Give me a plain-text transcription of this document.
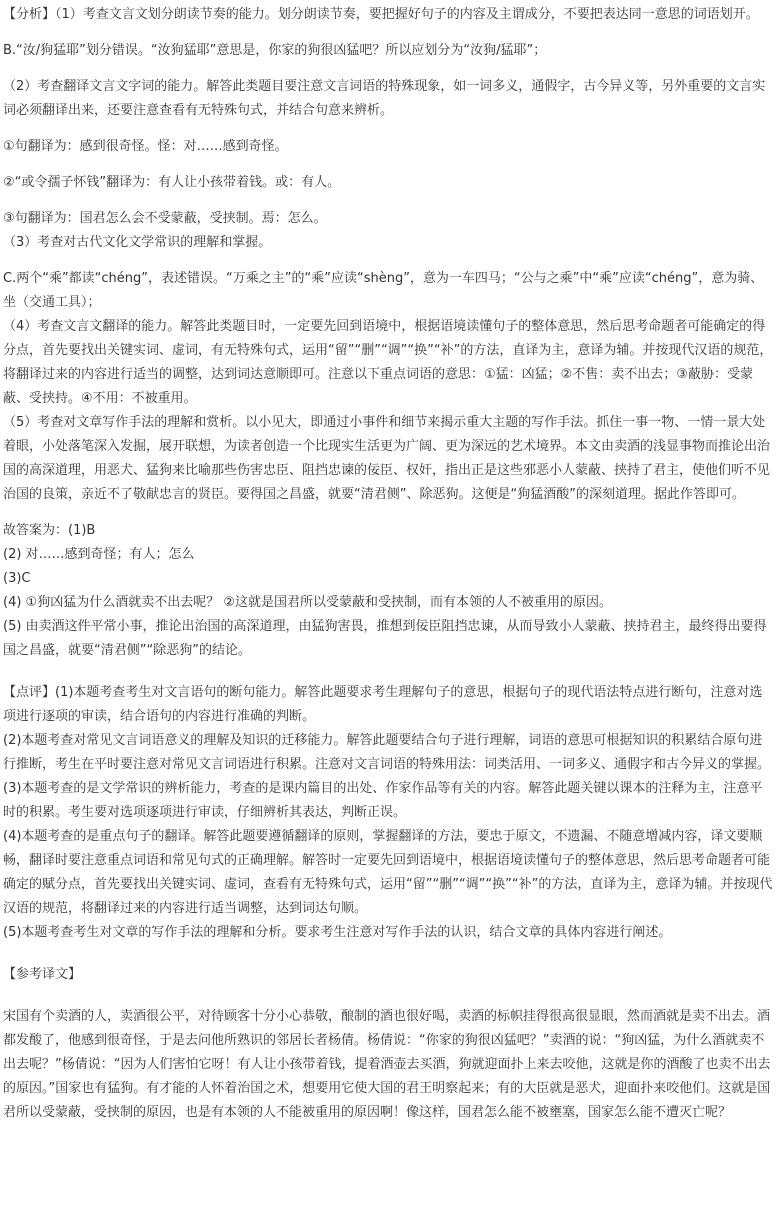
【分析】（1）考查文言文划分朗读节奏的能力。划分朗读节奏，要把握好句子的内容及主谓成分，不要把表达同一意思的词语划开。

B.“汝/狗猛耶”划分错误。“汝狗猛耶”意思是，你家的狗很凶猛吧？所以应划分为“汝狗/猛耶”；

（2）考查翻译文言文字词的能力。解答此类题目要注意文言词语的特殊现象，如一词多义，通假字，古今异义等，另外重要的文言实词必须翻译出来，还要注意查看有无特殊句式，并结合句意来辨析。

①句翻译为：感到很奇怪。怪：对……感到奇怪。

②“或令孺子怀钱”翻译为：有人让小孩带着钱。或：有人。

③句翻译为：国君怎么会不受蒙蔽，受挟制。焉：怎么。

（3）考查对古代文化文学常识的理解和掌握。

C.两个“乘”都读“chéng”，表述错误。“万乘之主”的“乘”应读“shèng”，意为一车四马；“公与之乘”中“乘”应读“chéng”，意为骑、坐（交通工具）；

（4）考查文言文翻译的能力。解答此类题目时，一定要先回到语境中，根据语境读懂句子的整体意思，然后思考命题者可能确定的得分点，首先要找出关键实词、虚词，有无特殊句式，运用“留”“删”“调”“换”“补”的方法，直译为主，意译为辅。并按现代汉语的规范，将翻译过来的内容进行适当的调整，达到词达意顺即可。注意以下重点词语的意思：①猛：凶猛；②不售：卖不出去；③蔽胁：受蒙蔽、受挟持。④不用：不被重用。

（5）考查对文章写作手法的理解和赏析。以小见大，即通过小事件和细节来揭示重大主题的写作手法。抓住一事一物、一情一景大处着眼，小处落笔深入发掘，展开联想，为读者创造一个比现实生活更为广阔、更为深远的艺术境界。本文由卖酒的浅显事物而推论出治国的高深道理，用恶犬、猛狗来比喻那些伤害忠臣、阻挡忠谏的佞臣、权奸，指出正是这些邪恶小人蒙蔽、挟持了君主，使他们听不见治国的良策，亲近不了敬献忠言的贤臣。要得国之昌盛，就要“清君侧”、除恶狗。这便是“狗猛酒酸”的深刻道理。据此作答即可。

故答案为：(1)B

(2) 对……感到奇怪；有人；怎么

(3)C

(4) ①狗凶猛为什么酒就卖不出去呢？ ②这就是国君所以受蒙蔽和受挟制，而有本领的人不被重用的原因。

(5) 由卖酒这件平常小事，推论出治国的高深道理，由猛狗害畏，推想到佞臣阻挡忠谏，从而导致小人蒙蔽、挟持君主，最终得出要得国之昌盛，就要“清君侧”“除恶狗”的结论。

【点评】(1)本题考查考生对文言语句的断句能力。解答此题要求考生理解句子的意思，根据句子的现代语法特点进行断句，注意对选项进行逐项的审读，结合语句的内容进行准确的判断。

(2)本题考查对常见文言词语意义的理解及知识的迁移能力。解答此题要结合句子进行理解，词语的意思可根据知识的积累结合原句进行推断，考生在平时要注意对常见文言词语进行积累。注意对文言词语的特殊用法：词类活用、一词多义、通假字和古今异义的掌握。

(3)本题考查的是文学常识的辨析能力，考查的是课内篇目的出处、作家作品等有关的内容。解答此题关键以课本的注释为主，注意平时的积累。考生要对选项逐项进行审读，仔细辨析其表达，判断正误。

(4)本题考查的是重点句子的翻译。解答此题要遵循翻译的原则，掌握翻译的方法，要忠于原文，不遗漏、不随意增减内容，译文要顺畅，翻译时要注意重点词语和常见句式的正确理解。解答时一定要先回到语境中，根据语境读懂句子的整体意思，然后思考命题者可能确定的赋分点，首先要找出关键实词、虚词，查看有无特殊句式，运用“留”“删”“调”“换”“补”的方法，直译为主，意译为辅。并按现代汉语的规范，将翻译过来的内容进行适当调整，达到词达句顺。

(5)本题考查考生对文章的写作手法的理解和分析。要求考生注意对写作手法的认识，结合文章的具体内容进行阐述。

【参考译文】

宋国有个卖酒的人，卖酒很公平，对待顾客十分小心恭敬，酿制的酒也很好喝，卖酒的标帜挂得很高很显眼，然而酒就是卖不出去。酒都发酸了，他感到很奇怪，于是去问他所熟识的邻居长者杨倩。杨倩说：“你家的狗很凶猛吧？”卖酒的说：“狗凶猛，为什么酒就卖不出去呢？”杨倩说：“因为人们害怕它呀！有人让小孩带着钱，提着酒壶去买酒，狗就迎面扑上来去咬他，这就是你的酒酸了也卖不出去的原因。”国家也有猛狗。有才能的人怀着治国之术，想要用它使大国的君王明察起来；有的大臣就是恶犬，迎面扑来咬他们。这就是国君所以受蒙蔽，受挟制的原因，也是有本领的人不能被重用的原因啊！像这样，国君怎么能不被壅塞，国家怎么能不遭灭亡呢？
